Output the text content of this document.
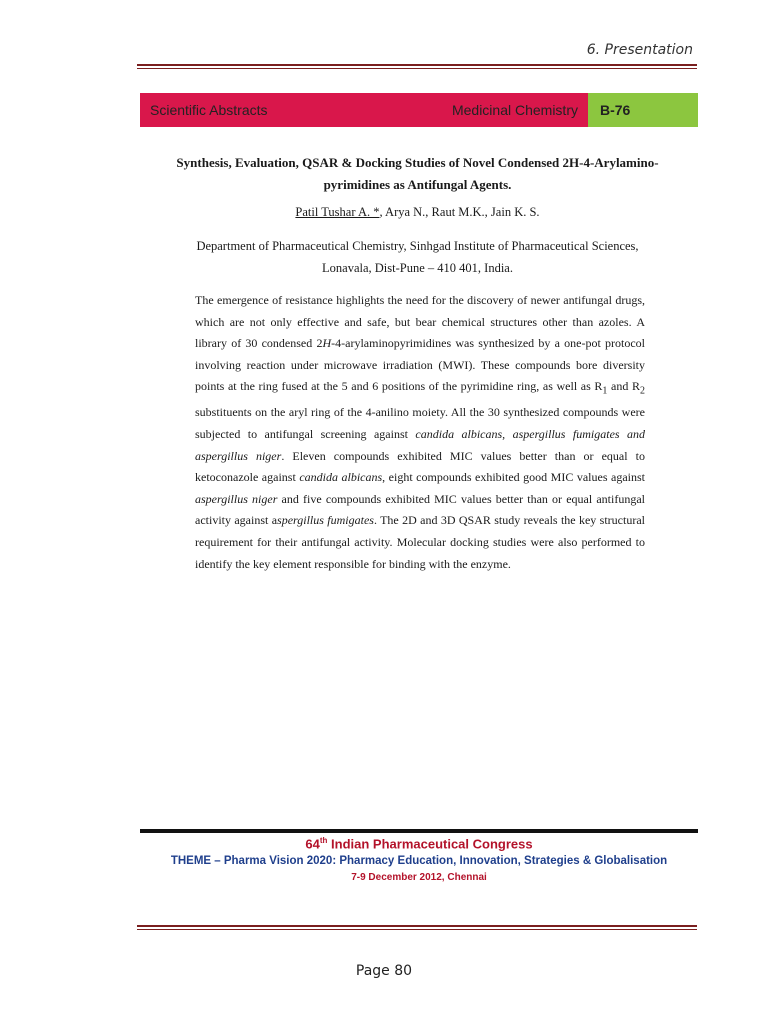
6. Presentation
Scientific Abstracts	Medicinal Chemistry	B-76
Synthesis, Evaluation, QSAR & Docking Studies of Novel Condensed 2H-4-Arylamino-
pyrimidines as Antifungal Agents.
Patil Tushar A. *, Arya N., Raut M.K., Jain K. S.
Department of Pharmaceutical Chemistry, Sinhgad Institute of Pharmaceutical Sciences,
Lonavala, Dist-Pune – 410 401, India.
The emergence of resistance highlights the need for the discovery of newer antifungal drugs, which are not only effective and safe, but bear chemical structures other than azoles. A library of 30 condensed 2H-4-arylaminopyrimidines was synthesized by a one-pot protocol involving reaction under microwave irradiation (MWI). These compounds bore diversity points at the ring fused at the 5 and 6 positions of the pyrimidine ring, as well as $R_1$ and $R_2$ substituents on the aryl ring of the 4-anilino moiety. All the 30 synthesized compounds were subjected to antifungal screening against candida albicans, aspergillus fumigates and aspergillus niger. Eleven compounds exhibited MIC values better than or equal to ketoconazole against candida albicans, eight compounds exhibited good MIC values against aspergillus niger and five compounds exhibited MIC values better than or equal antifungal activity against aspergillus fumigates. The 2D and 3D QSAR study reveals the key structural requirement for their antifungal activity. Molecular docking studies were also performed to identify the key element responsible for binding with the enzyme.
64th Indian Pharmaceutical Congress
THEME – Pharma Vision 2020: Pharmacy Education, Innovation, Strategies & Globalisation
7-9 December 2012, Chennai
Page 80
